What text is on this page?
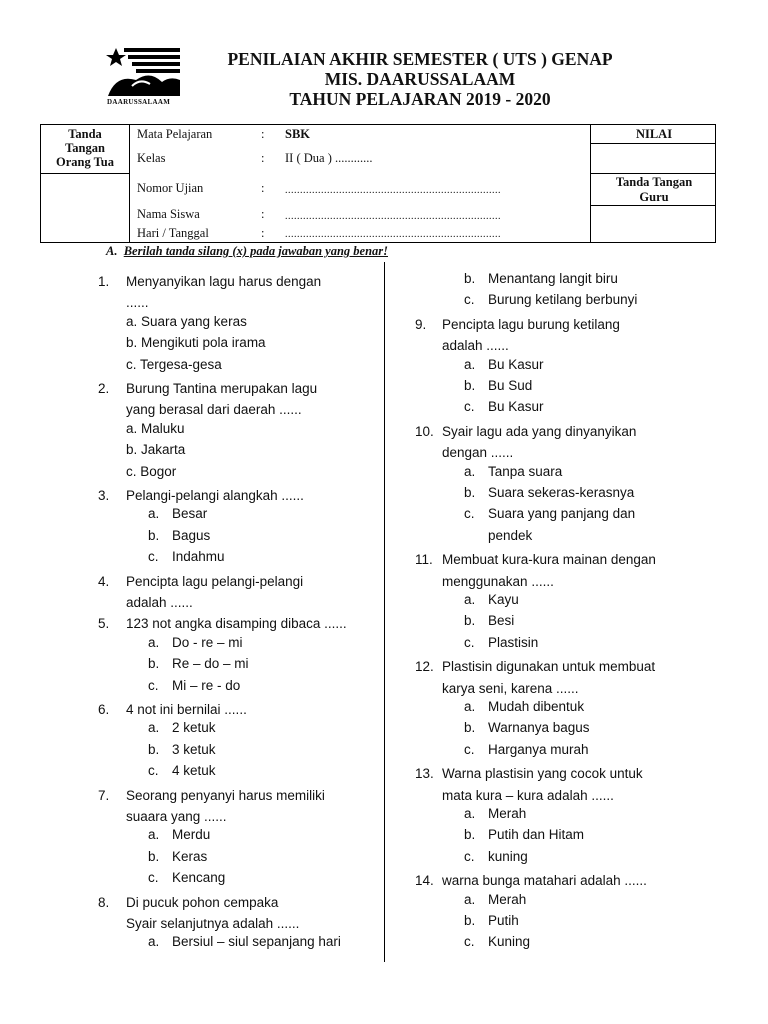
DAARUSSALAAM
PENILAIAN AKHIR SEMESTER ( UTS ) GENAP
MIS. DAARUSSALAAM
TAHUN PELAJARAN 2019 - 2020
Tanda
Tangan
Orang Tua
Mata Pelajaran	: SBK
Kelas	: II ( Dua ) ............
Nomor Ujian	: ........................................................................
Nama Siswa	: ........................................................................
Hari / Tanggal	: ........................................................................
NILAI
Tanda Tangan
Guru
A. Berilah tanda silang (x) pada jawaban yang benar!
1. Menyanyikan lagu harus dengan
......
a. Suara yang keras
b. Mengikuti pola irama
c. Tergesa-gesa
2. Burung Tantina merupakan lagu
yang berasal dari daerah ......
a. Maluku
b. Jakarta
c. Bogor
3. Pelangi-pelangi alangkah ......
a. Besar
b. Bagus
c. Indahmu
4. Pencipta lagu pelangi-pelangi
adalah ......
5. 123 not angka disamping dibaca ......
a. Do - re – mi
b. Re – do – mi
c. Mi – re - do
6. 4 not ini bernilai ......
a. 2 ketuk
b. 3 ketuk
c. 4 ketuk
7. Seorang penyanyi harus memiliki
suaara yang ......
a. Merdu
b. Keras
c. Kencang
8. Di pucuk pohon cempaka
Syair selanjutnya adalah ......
a. Bersiul – siul sepanjang hari
b. Menantang langit biru
c. Burung ketilang berbunyi
9. Pencipta lagu burung ketilang
adalah ......
a. Bu Kasur
b. Bu Sud
c. Bu Kasur
10. Syair lagu ada yang dinyanyikan
dengan ......
a. Tanpa suara
b. Suara sekeras-kerasnya
c. Suara yang panjang dan
pendek
11. Membuat kura-kura mainan dengan
menggunakan ......
a. Kayu
b. Besi
c. Plastisin
12. Plastisin digunakan untuk membuat
karya seni, karena ......
a. Mudah dibentuk
b. Warnanya bagus
c. Harganya murah
13. Warna plastisin yang cocok untuk
mata kura – kura adalah ......
a. Merah
b. Putih dan Hitam
c. kuning
14. warna bunga matahari adalah ......
a. Merah
b. Putih
c. Kuning
